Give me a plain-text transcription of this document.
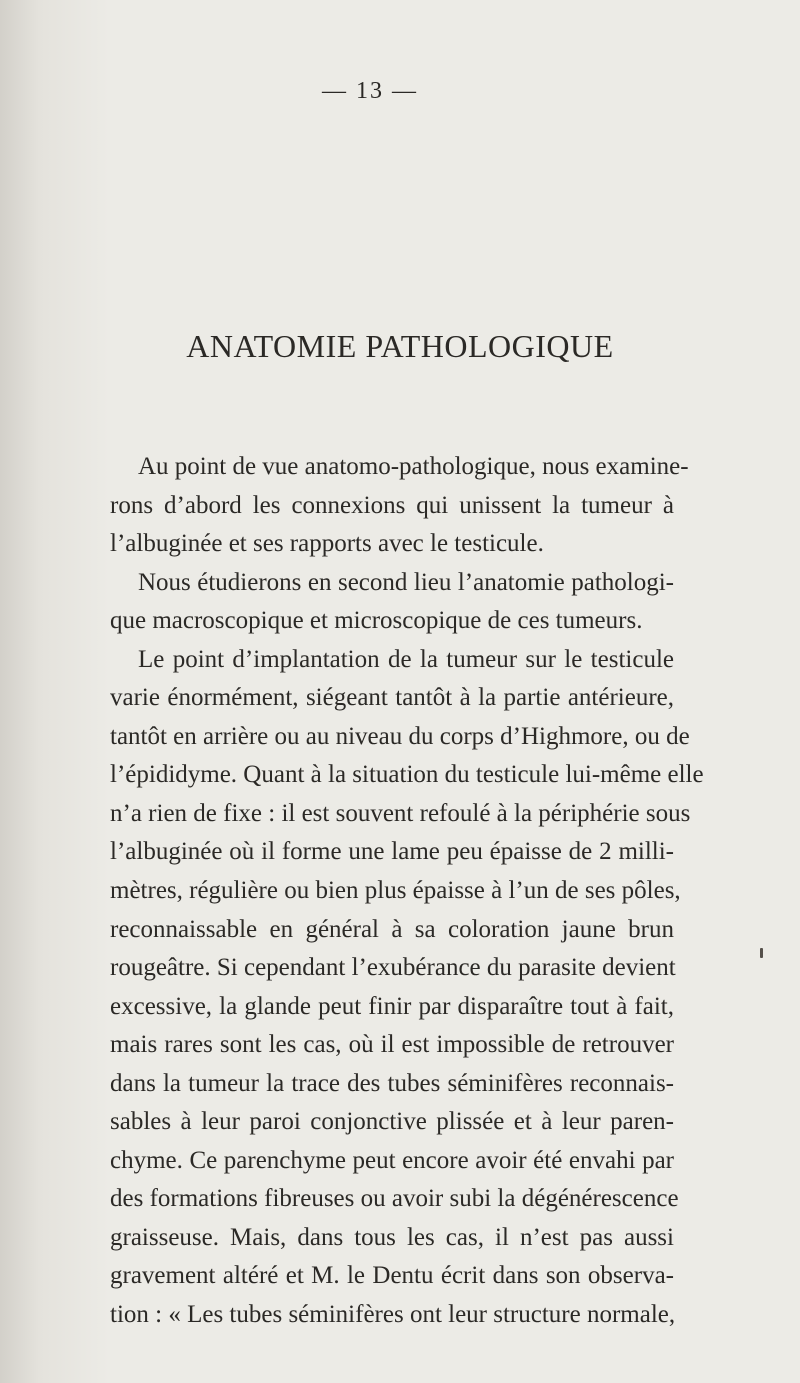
— 13 —
ANATOMIE PATHOLOGIQUE
Au point de vue anatomo-pathologique, nous examine-
rons d’abord les connexions qui unissent la tumeur à
l’albuginée et ses rapports avec le testicule.
Nous étudierons en second lieu l’anatomie pathologi-
que macroscopique et microscopique de ces tumeurs.
Le point d’implantation de la tumeur sur le testicule
varie énormément, siégeant tantôt à la partie antérieure,
tantôt en arrière ou au niveau du corps d’Highmore, ou de
l’épididyme. Quant à la situation du testicule lui-même elle
n’a rien de fixe : il est souvent refoulé à la périphérie sous
l’albuginée où il forme une lame peu épaisse de 2 milli-
mètres, régulière ou bien plus épaisse à l’un de ses pôles,
reconnaissable en général à sa coloration jaune brun
rougeâtre. Si cependant l’exubérance du parasite devient
excessive, la glande peut finir par disparaître tout à fait,
mais rares sont les cas, où il est impossible de retrouver
dans la tumeur la trace des tubes séminifères reconnais-
sables à leur paroi conjonctive plissée et à leur paren-
chyme. Ce parenchyme peut encore avoir été envahi par
des formations fibreuses ou avoir subi la dégénérescence
graisseuse. Mais, dans tous les cas, il n’est pas aussi
gravement altéré et M. le Dentu écrit dans son observa-
tion : « Les tubes séminifères ont leur structure normale,
